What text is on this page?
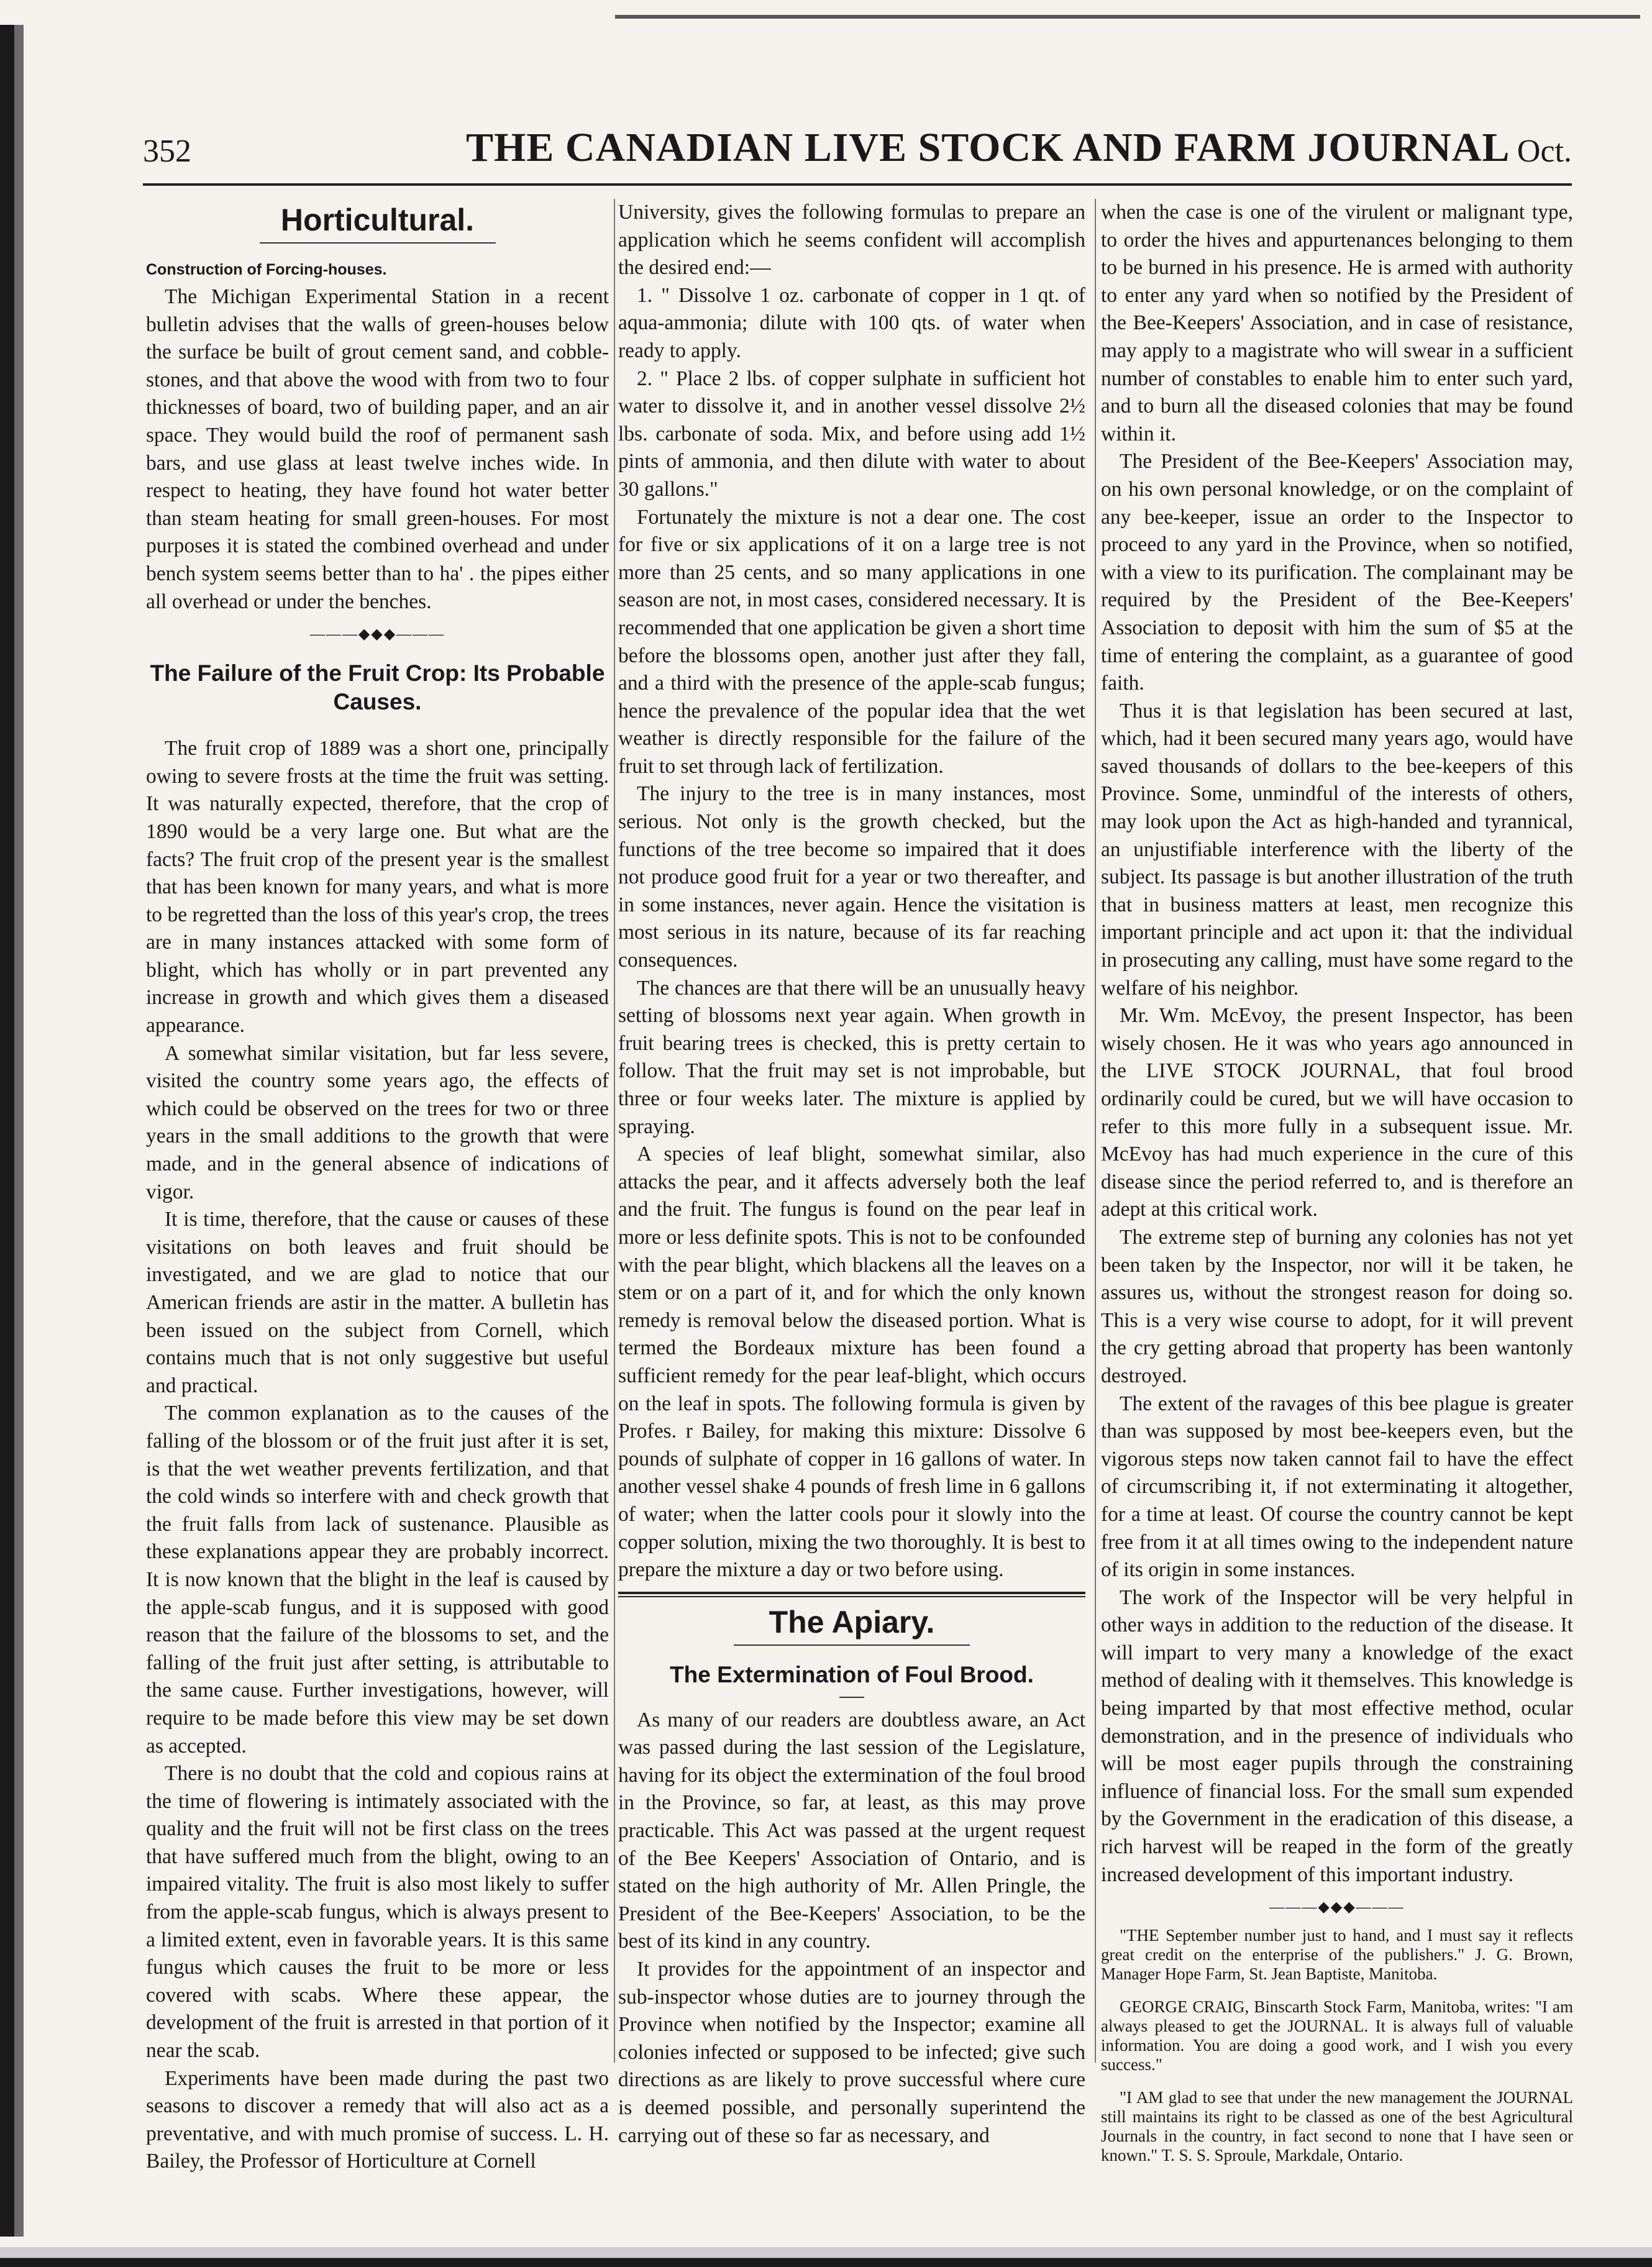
352	THE CANADIAN LIVE STOCK AND FARM JOURNAL Oct.
Horticultural.
Construction of Forcing-houses.

The Michigan Experimental Station in a recent bulletin advises that the walls of green-houses below the surface be built of grout cement sand, and cobble-stones, and that above the wood with from two to four thicknesses of board, two of building paper, and an air space. They would build the roof of permanent sash bars, and use glass at least twelve inches wide. In respect to heating, they have found hot water better than steam heating for small green-houses. For most purposes it is stated the combined overhead and under bench system seems better than to ha' . the pipes either all overhead or under the benches.

———◆◆◆———
The Failure of the Fruit Crop: Its Probable Causes.

The fruit crop of 1889 was a short one, principally owing to severe frosts at the time the fruit was setting. It was naturally expected, therefore, that the crop of 1890 would be a very large one. But what are the facts? The fruit crop of the present year is the smallest that has been known for many years, and what is more to be regretted than the loss of this year's crop, the trees are in many instances attacked with some form of blight, which has wholly or in part prevented any increase in growth and which gives them a diseased appearance.

A somewhat similar visitation, but far less severe, visited the country some years ago, the effects of which could be observed on the trees for two or three years in the small additions to the growth that were made, and in the general absence of indications of vigor.

It is time, therefore, that the cause or causes of these visitations on both leaves and fruit should be investigated, and we are glad to notice that our American friends are astir in the matter. A bulletin has been issued on the subject from Cornell, which contains much that is not only suggestive but useful and practical.

The common explanation as to the causes of the falling of the blossom or of the fruit just after it is set, is that the wet weather prevents fertilization, and that the cold winds so interfere with and check growth that the fruit falls from lack of sustenance. Plausible as these explanations appear they are probably incorrect. It is now known that the blight in the leaf is caused by the apple-scab fungus, and it is supposed with good reason that the failure of the blossoms to set, and the falling of the fruit just after setting, is attributable to the same cause. Further investigations, however, will require to be made before this view may be set down as accepted.

There is no doubt that the cold and copious rains at the time of flowering is intimately associated with the quality and the fruit will not be first class on the trees that have suffered much from the blight, owing to an impaired vitality. The fruit is also most likely to suffer from the apple-scab fungus, which is always present to a limited extent, even in favorable years. It is this same fungus which causes the fruit to be more or less covered with scabs. Where these appear, the development of the fruit is arrested in that portion of it near the scab.

Experiments have been made during the past two seasons to discover a remedy that will also act as a preventative, and with much promise of success. L. H. Bailey, the Professor of Horticulture at Cornell

University, gives the following formulas to prepare an application which he seems confident will accomplish the desired end:—

1. " Dissolve 1 oz. carbonate of copper in 1 qt. of aqua-ammonia; dilute with 100 qts. of water when ready to apply.

2. " Place 2 lbs. of copper sulphate in sufficient hot water to dissolve it, and in another vessel dissolve 2½ lbs. carbonate of soda. Mix, and before using add 1½ pints of ammonia, and then dilute with water to about 30 gallons."

Fortunately the mixture is not a dear one. The cost for five or six applications of it on a large tree is not more than 25 cents, and so many applications in one season are not, in most cases, considered necessary. It is recommended that one application be given a short time before the blossoms open, another just after they fall, and a third with the presence of the apple-scab fungus; hence the prevalence of the popular idea that the wet weather is directly responsible for the failure of the fruit to set through lack of fertilization.

The injury to the tree is in many instances, most serious. Not only is the growth checked, but the functions of the tree become so impaired that it does not produce good fruit for a year or two thereafter, and in some instances, never again. Hence the visitation is most serious in its nature, because of its far reaching consequences.

The chances are that there will be an unusually heavy setting of blossoms next year again. When growth in fruit bearing trees is checked, this is pretty certain to follow. That the fruit may set is not improbable, but three or four weeks later. The mixture is applied by spraying.

A species of leaf blight, somewhat similar, also attacks the pear, and it affects adversely both the leaf and the fruit. The fungus is found on the pear leaf in more or less definite spots. This is not to be confounded with the pear blight, which blackens all the leaves on a stem or on a part of it, and for which the only known remedy is removal below the diseased portion. What is termed the Bordeaux mixture has been found a sufficient remedy for the pear leaf-blight, which occurs on the leaf in spots. The following formula is given by Profes. r Bailey, for making this mixture: Dissolve 6 pounds of sulphate of copper in 16 gallons of water. In another vessel shake 4 pounds of fresh lime in 6 gallons of water; when the latter cools pour it slowly into the copper solution, mixing the two thoroughly. It is best to prepare the mixture a day or two before using.

The Apiary.
The Extermination of Foul Brood.

As many of our readers are doubtless aware, an Act was passed during the last session of the Legislature, having for its object the extermination of the foul brood in the Province, so far, at least, as this may prove practicable. This Act was passed at the urgent request of the Bee Keepers' Association of Ontario, and is stated on the high authority of Mr. Allen Pringle, the President of the Bee-Keepers' Association, to be the best of its kind in any country.

It provides for the appointment of an inspector and sub-inspector whose duties are to journey through the Province when notified by the Inspector; examine all colonies infected or supposed to be infected; give such directions as are likely to prove successful where cure is deemed possible, and personally superintend the carrying out of these so far as necessary, and

when the case is one of the virulent or malignant type, to order the hives and appurtenances belonging to them to be burned in his presence. He is armed with authority to enter any yard when so notified by the President of the Bee-Keepers' Association, and in case of resistance, may apply to a magistrate who will swear in a sufficient number of constables to enable him to enter such yard, and to burn all the diseased colonies that may be found within it.

The President of the Bee-Keepers' Association may, on his own personal knowledge, or on the complaint of any bee-keeper, issue an order to the Inspector to proceed to any yard in the Province, when so notified, with a view to its purification. The complainant may be required by the President of the Bee-Keepers' Association to deposit with him the sum of $5 at the time of entering the complaint, as a guarantee of good faith.

Thus it is that legislation has been secured at last, which, had it been secured many years ago, would have saved thousands of dollars to the bee-keepers of this Province. Some, unmindful of the interests of others, may look upon the Act as high-handed and tyrannical, an unjustifiable interference with the liberty of the subject. Its passage is but another illustration of the truth that in business matters at least, men recognize this important principle and act upon it: that the individual in prosecuting any calling, must have some regard to the welfare of his neighbor.

Mr. Wm. McEvoy, the present Inspector, has been wisely chosen. He it was who years ago announced in the LIVE STOCK JOURNAL, that foul brood ordinarily could be cured, but we will have occasion to refer to this more fully in a subsequent issue. Mr. McEvoy has had much experience in the cure of this disease since the period referred to, and is therefore an adept at this critical work.

The extreme step of burning any colonies has not yet been taken by the Inspector, nor will it be taken, he assures us, without the strongest reason for doing so. This is a very wise course to adopt, for it will prevent the cry getting abroad that property has been wantonly destroyed.

The extent of the ravages of this bee plague is greater than was supposed by most bee-keepers even, but the vigorous steps now taken cannot fail to have the effect of circumscribing it, if not exterminating it altogether, for a time at least. Of course the country cannot be kept free from it at all times owing to the independent nature of its origin in some instances.

The work of the Inspector will be very helpful in other ways in addition to the reduction of the disease. It will impart to very many a knowledge of the exact method of dealing with it themselves. This knowledge is being imparted by that most effective method, ocular demonstration, and in the presence of individuals who will be most eager pupils through the constraining influence of financial loss. For the small sum expended by the Government in the eradication of this disease, a rich harvest will be reaped in the form of the greatly increased development of this important industry.

———◆◆◆———

"THE September number just to hand, and I must say it reflects great credit on the enterprise of the publishers." J. G. Brown, Manager Hope Farm, St. Jean Baptiste, Manitoba.

GEORGE CRAIG, Binscarth Stock Farm, Manitoba, writes: "I am always pleased to get the JOURNAL. It is always full of valuable information. You are doing a good work, and I wish you every success."

"I AM glad to see that under the new management the JOURNAL still maintains its right to be classed as one of the best Agricultural Journals in the country, in fact second to none that I have seen or known." T. S. S. Sproule, Markdale, Ontario.
